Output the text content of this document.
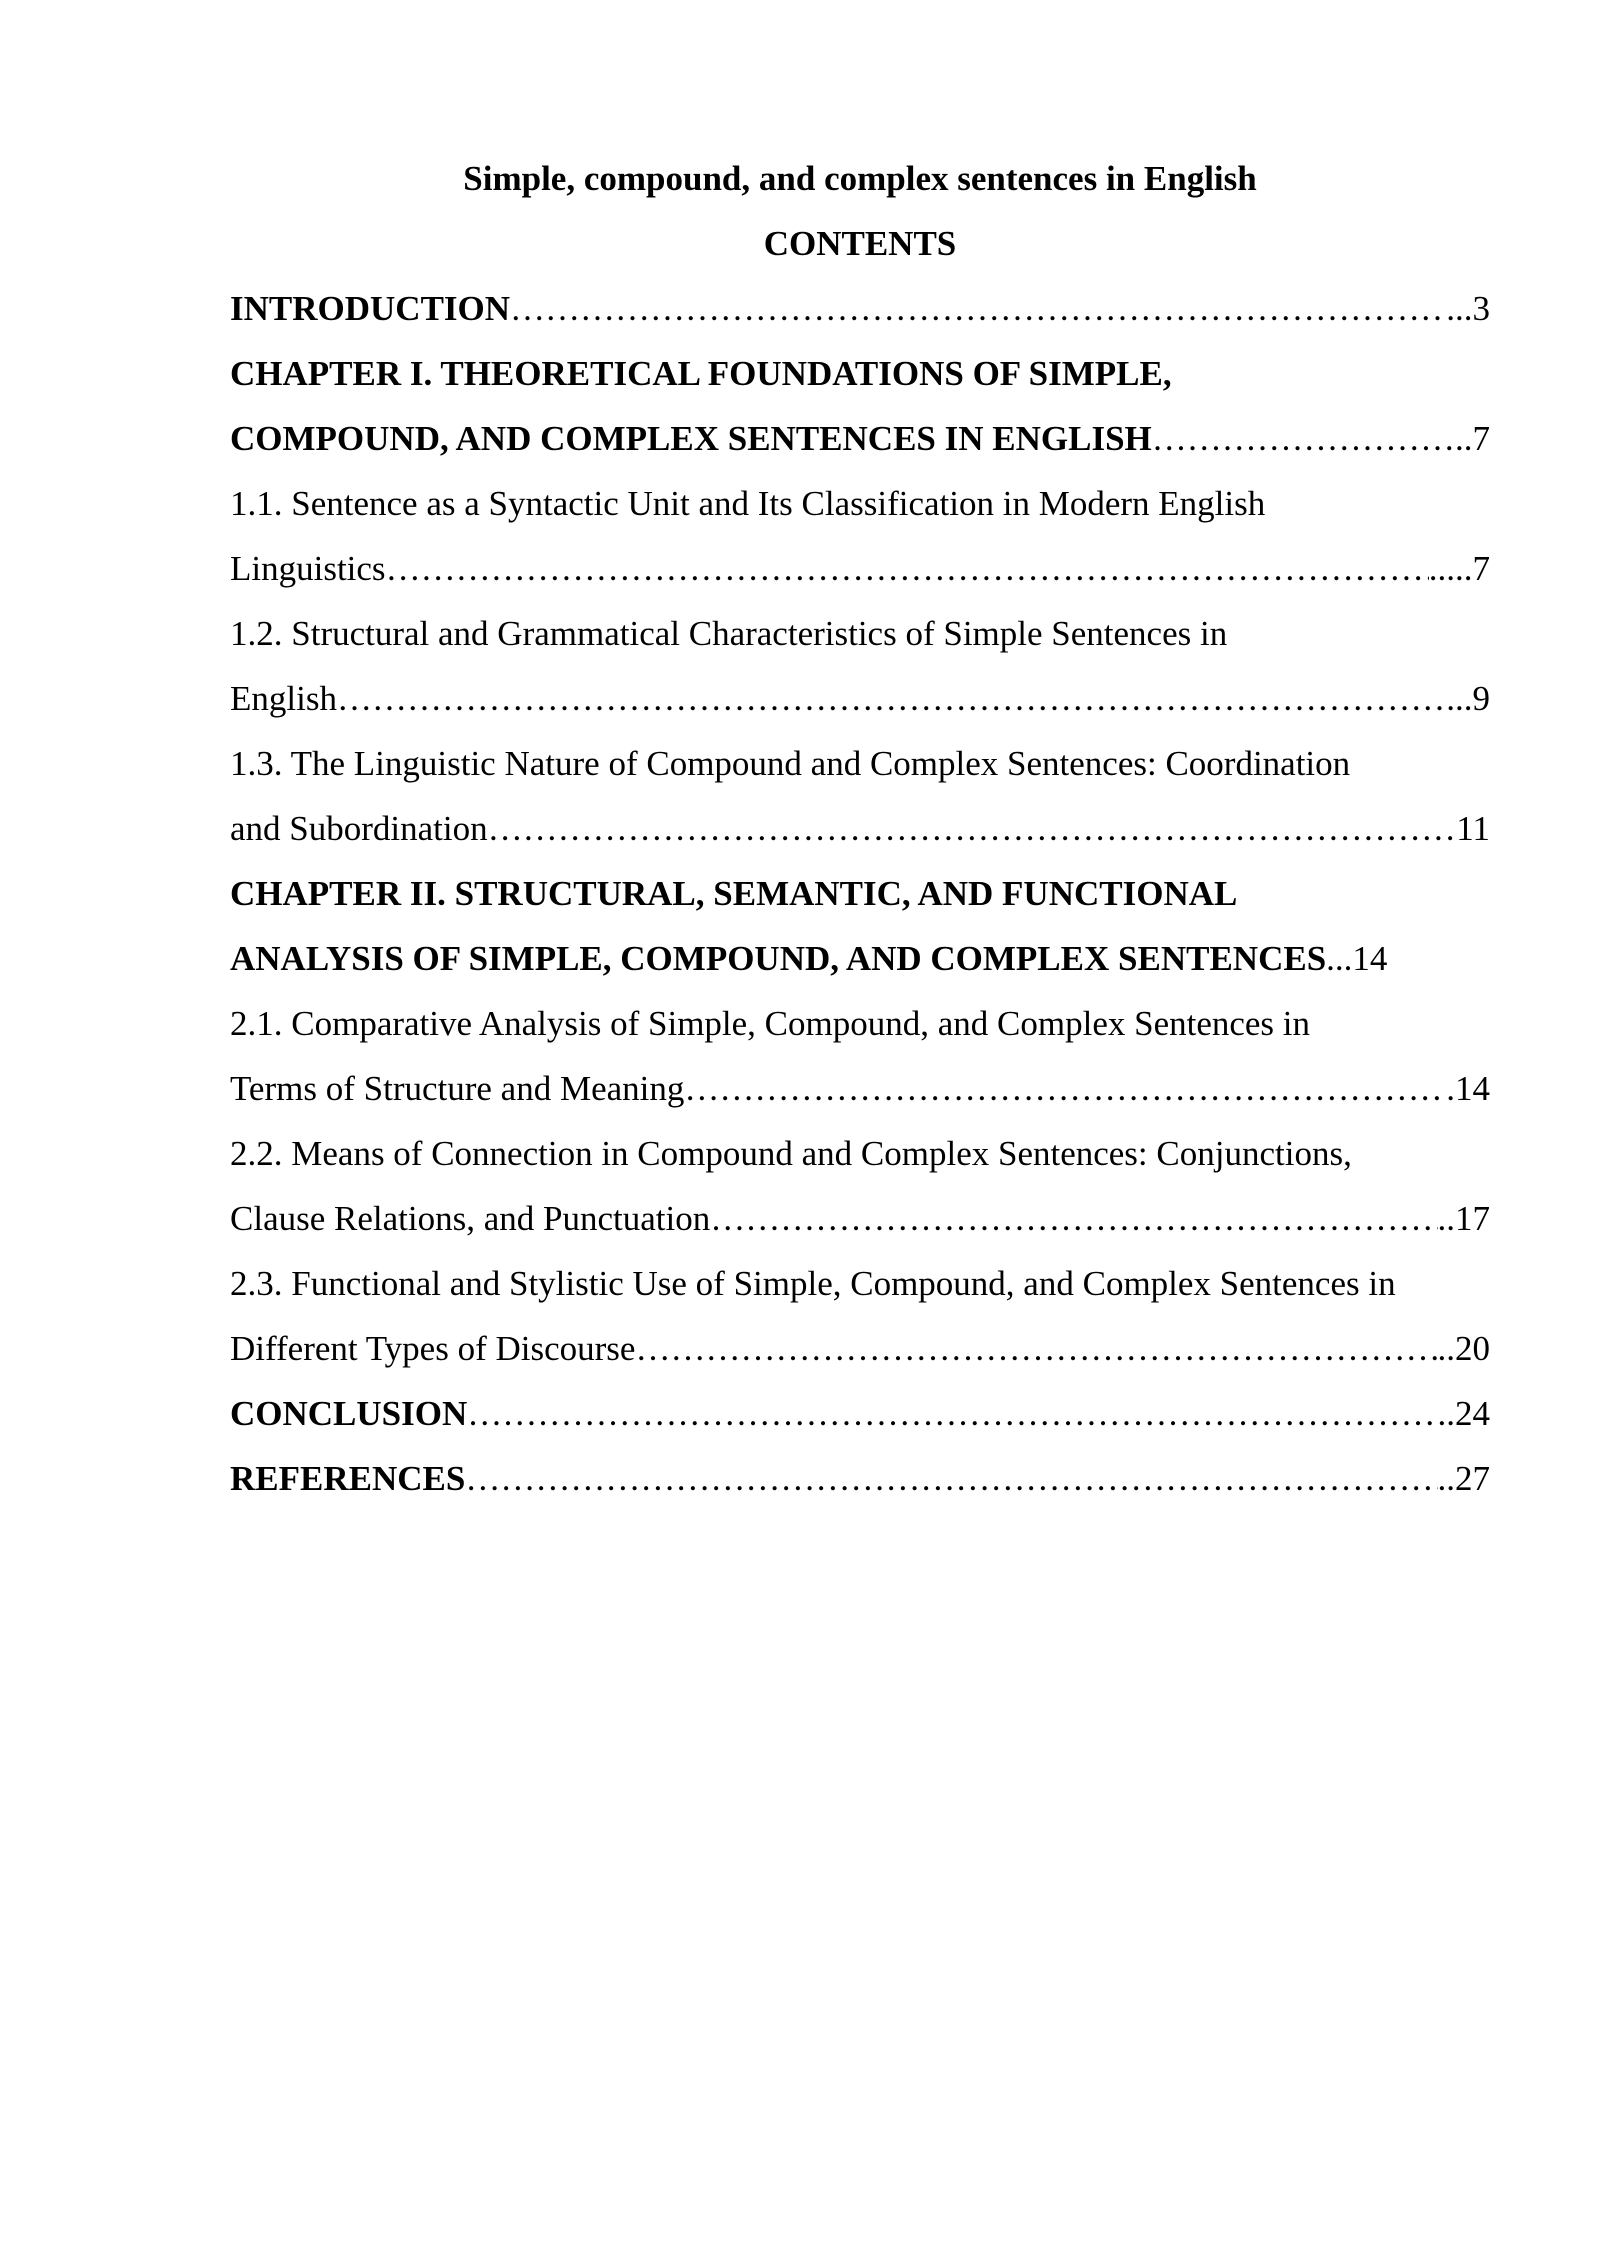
Simple, compound, and complex sentences in English
CONTENTS
INTRODUCTION …………………………………………………………………………………………………………………………………………………………………………………………………………………………………………………………	... 3
CHAPTER I. THEORETICAL FOUNDATIONS OF SIMPLE,
COMPOUND, AND COMPLEX SENTENCES IN ENGLISH …………………………………………………………………………………………………………………………………………………………………………………………………………………………………………………………	.. 7
1.1. Sentence as a Syntactic Unit and Its Classification in Modern English
Linguistics …………………………………………………………………………………………………………………………………………………………………………………………………………………………………………………………	..... 7
1.2. Structural and Grammatical Characteristics of Simple Sentences in
English …………………………………………………………………………………………………………………………………………………………………………………………………………………………………………………………	... 9
1.3. The Linguistic Nature of Compound and Complex Sentences: Coordination
and Subordination …………………………………………………………………………………………………………………………………………………………………………………………………………………………………………………………	11
CHAPTER II. STRUCTURAL, SEMANTIC, AND FUNCTIONAL
ANALYSIS OF SIMPLE, COMPOUND, AND COMPLEX SENTENCES ... 14
2.1. Comparative Analysis of Simple, Compound, and Complex Sentences in
Terms of Structure and Meaning …………………………………………………………………………………………………………………………………………………………………………………………………………………………………………………………	. 14
2.2. Means of Connection in Compound and Complex Sentences: Conjunctions,
Clause Relations, and Punctuation …………………………………………………………………………………………………………………………………………………………………………………………………………………………………………………………	.. 17
2.3. Functional and Stylistic Use of Simple, Compound, and Complex Sentences in
Different Types of Discourse …………………………………………………………………………………………………………………………………………………………………………………………………………………………………………………………	.. 20
CONCLUSION …………………………………………………………………………………………………………………………………………………………………………………………………………………………………………………………	.. 24
REFERENCES …………………………………………………………………………………………………………………………………………………………………………………………………………………………………………………………	.. 27
